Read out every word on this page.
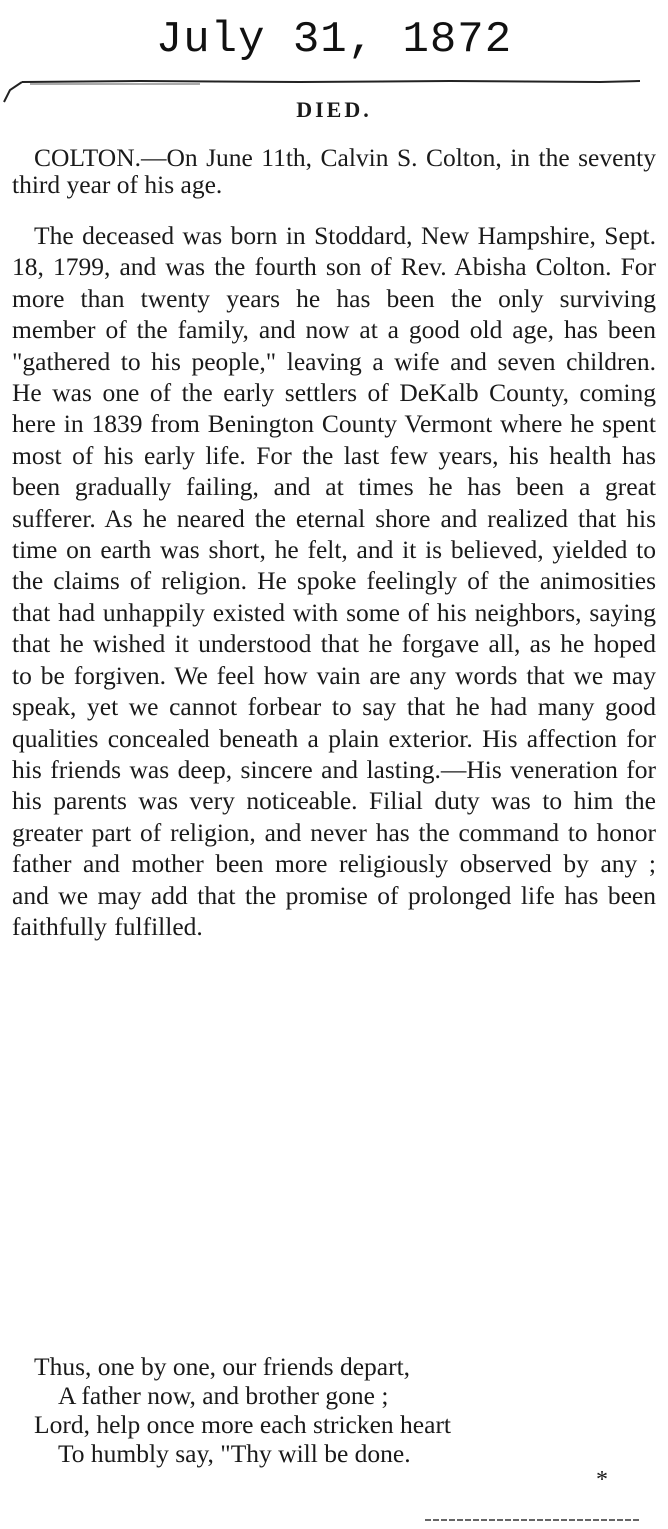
July 31, 1872
DIED.

COLTON.—On June 11th, Calvin S. Colton, in the seventy third year of his age.

The deceased was born in Stoddard, New Hampshire, Sept. 18, 1799, and was the fourth son of Rev. Abisha Colton. For more than twenty years he has been the only surviving member of the family, and now at a good old age, has been "gathered to his people," leaving a wife and seven children. He was one of the early settlers of DeKalb County, coming here in 1839 from Benington County Vermont where he spent most of his early life. For the last few years, his health has been gradually failing, and at times he has been a great sufferer. As he neared the eternal shore and realized that his time on earth was short, he felt, and it is believed, yielded to the claims of religion. He spoke feelingly of the animosities that had unhappily existed with some of his neighbors, saying that he wished it understood that he forgave all, as he hoped to be forgiven. We feel how vain are any words that we may speak, yet we cannot forbear to say that he had many good qualities concealed beneath a plain exterior. His affection for his friends was deep, sincere and lasting.—His veneration for his parents was very noticeable. Filial duty was to him the greater part of religion, and never has the command to honor father and mother been more religiously observed by any ; and we may add that the promise of prolonged life has been faithfully fulfilled.

Thus, one by one, our friends depart,
A father now, and brother gone ;
Lord, help once more each stricken heart
To humbly say, "Thy will be done.
*
